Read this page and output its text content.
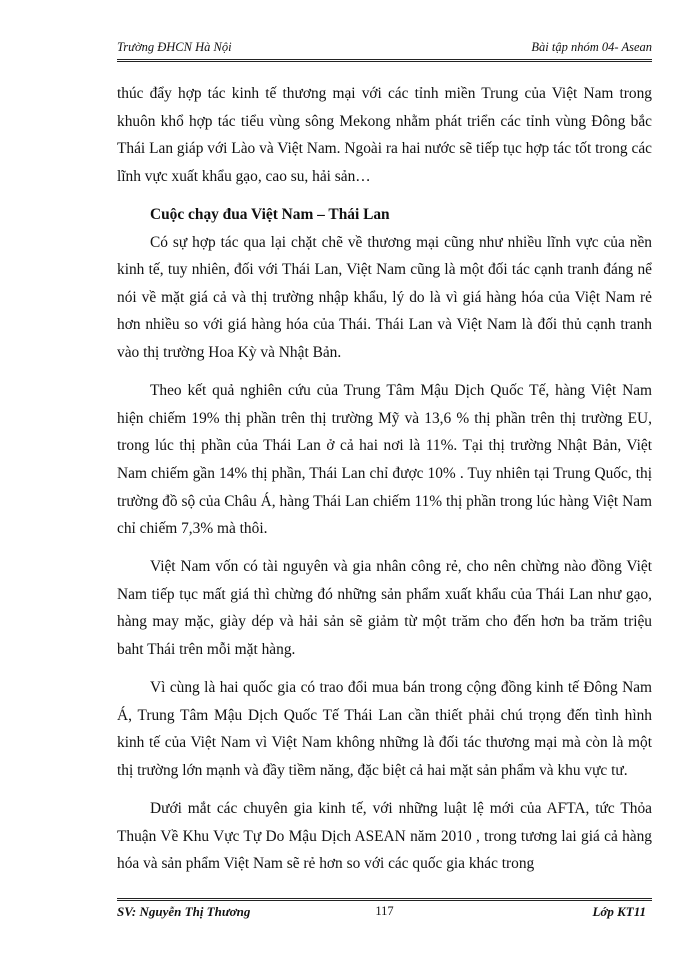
Trường ĐHCN Hà Nội	Bài tập nhóm 04- Asean

thúc đẩy hợp tác kinh tế thương mại với các tỉnh miền Trung của Việt Nam trong khuôn khổ hợp tác tiểu vùng sông Mekong nhằm phát triển các tỉnh vùng Đông bắc Thái Lan giáp với Lào và Việt Nam. Ngoài ra hai nước sẽ tiếp tục hợp tác tốt trong các lĩnh vực xuất khẩu gạo, cao su, hải sản…

Cuộc chạy đua Việt Nam – Thái Lan

Có sự hợp tác qua lại chặt chẽ về thương mại cũng như nhiều lĩnh vực của nền kinh tế, tuy nhiên, đối với Thái Lan, Việt Nam cũng là một đối tác cạnh tranh đáng nể nói về mặt giá cả và thị trường nhập khẩu, lý do là vì giá hàng hóa của Việt Nam rẻ hơn nhiều so với giá hàng hóa của Thái. Thái Lan và Việt Nam là đối thủ cạnh tranh vào thị trường Hoa Kỳ và Nhật Bản.

Theo kết quả nghiên cứu của Trung Tâm Mậu Dịch Quốc Tế, hàng Việt Nam hiện chiếm 19% thị phần trên thị trường Mỹ và 13,6 % thị phần trên thị trường EU, trong lúc thị phần của Thái Lan ở cả hai nơi là 11%. Tại thị trường Nhật Bản, Việt Nam chiếm gần 14% thị phần, Thái Lan chỉ được 10% . Tuy nhiên tại Trung Quốc, thị trường đồ sộ của Châu Á, hàng Thái Lan chiếm 11% thị phần trong lúc hàng Việt Nam chỉ chiếm 7,3% mà thôi.

Việt Nam vốn có tài nguyên và gia nhân công rẻ, cho nên chừng nào đồng Việt Nam tiếp tục mất giá thì chừng đó những sản phẩm xuất khẩu của Thái Lan như gạo, hàng may mặc, giày dép và hải sản sẽ giảm từ một trăm cho đến hơn ba trăm triệu baht Thái trên mỗi mặt hàng.

Vì cùng là hai quốc gia có trao đổi mua bán trong cộng đồng kinh tế Đông Nam Á, Trung Tâm Mậu Dịch Quốc Tế Thái Lan cần thiết phải chú trọng đến tình hình kinh tế của Việt Nam vì Việt Nam không những là đối tác thương mại mà còn là một thị trường lớn mạnh và đầy tiềm năng, đặc biệt cả hai mặt sản phẩm và khu vực tư.

Dưới mắt các chuyên gia kinh tế, với những luật lệ mới của AFTA, tức Thỏa Thuận Về Khu Vực Tự Do Mậu Dịch ASEAN năm 2010 , trong tương lai giá cả hàng hóa và sản phẩm Việt Nam sẽ rẻ hơn so với các quốc gia khác trong

SV: Nguyễn Thị Thương	117	Lớp KT11
